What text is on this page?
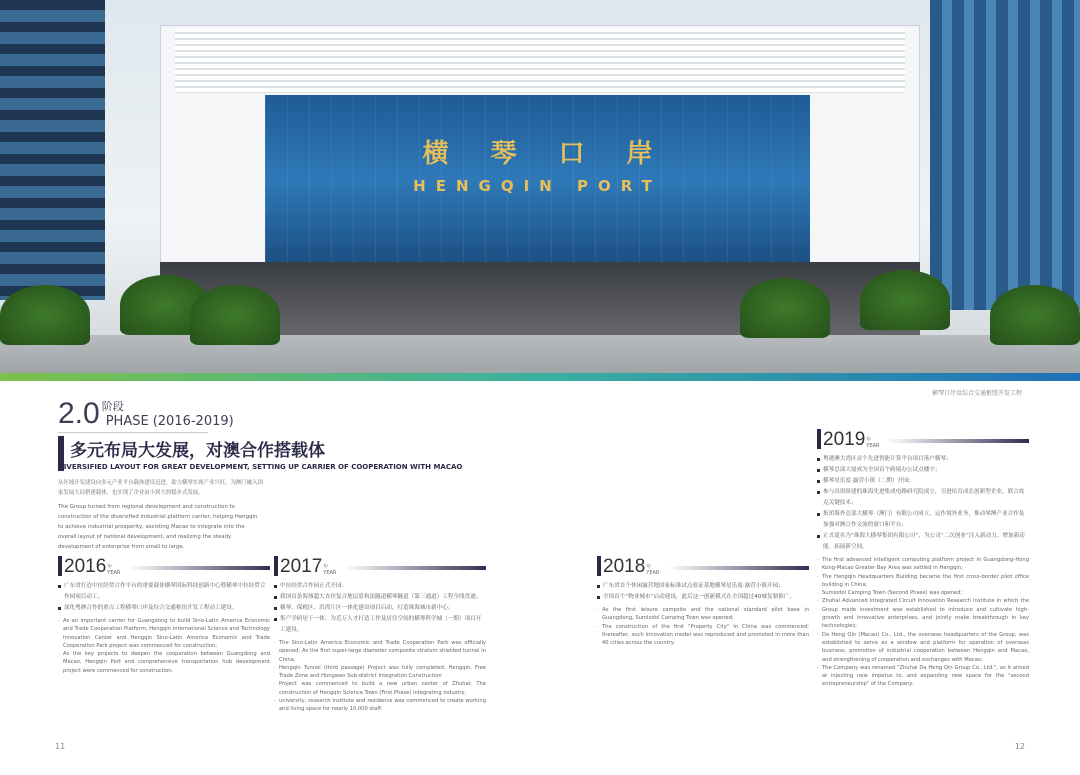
横琴口岸
HENGQIN PORT
横琴口岸及综合交通枢纽开发工程
2.0 阶段
PHASE (2016-2019)
多元布局大发展，对澳合作搭载体
DIVERSIFIED LAYOUT FOR GREAT DEVELOPMENT, SETTING UP CARRIER OF COOPERATION WITH MACAO

从区域开发建设向多元产业平台载体建设迈进，助力横琴实现产业兴旺，为澳门融入国家发展大局搭建载体，也实现了企业由小到大的稳步式发展。

The Group turned from regional development and construction to construction of the diversified industrial platform carrier, helping Hengqin to achieve industrial prosperity, assisting Macao to integrate into the overall layout of national development, and realizing the steady development of enterprise from small to large.

2016 年
YEAR
广东省打造中拉经贸合作平台的重要载体横琴国际科技创新中心暨横琴中拉经贸合作园项目动工；
深化粤澳合作的重点工程横琴口岸及综合交通枢纽开发工程动工建设。
· As an important carrier for Guangdong to build Sino-Latin America Economic and Trade Cooperation Platform, Hengqin International Science and Technology Innovation Center and Hengqin Sino-Latin America Economic and Trade Cooperation Park project was commenced for construction;
· As the key projects to deepen the cooperation between Guangdong and Macao, Hengqin Port and comprehensive transportation hub development project were commenced for construction.
2017 年
YEAR
中拉经贸合作园正式开园；
我国首条海域超大直径复合地层盾构法隧道横琴隧道（第三通道）工程全线贯通；
横琴、保税区、洪湾片区一体化建设项目启动，打造珠海城市新中心；
集产学研居于一体、为近万人才打造工作及居住空间的横琴科学城（一期）项目开工建设。
· The Sino-Latin America Economic and Trade Cooperation Park was officially opened; As the first super-large diameter composite stratum shielded tunnel in China,
· Hengqin Tunnel (third passage) Project was fully completed; Hengqin, Free Trade Zone and Hongwan Sub-district Integration Construction
· Project was commenced to build a new urban center of Zhuhai; The construction of Hengqin Science Town (First Phase) integrating industry,
· university, research institute and residence was commenced to create working and living space for nearly 10,000 staff.
2018 年
YEAR
广东省首个休闲露营地国家标准试点验证基地横琴星乐度·露营小镇开园；
全国首个“物业城市”启动建设，此后这一创新模式在全国超过40城复制推广。
· As the first leisure campsite and the national standard pilot base in Guangdong, Sumlodol Camping Town was opened;
· The construction of the first "Property City" in China was commenced; thereafter, such innovation model was reproduced and promoted in more than 40 cities across the country.
2019 年
YEAR
粤港澳大湾区首个先进智能计算平台项目落户横琴；
横琴总部大厦成为全国首个跨境办公试点楼宇；
横琴星乐度·露营小镇（二期）开园；
参与出资组建的珠海先进集成电路研究院成立，引进培育成长创新型企业，联合攻克关键技术；
集团海外总部大横琴（澳门）有限公司成立，运作境外业务，推动琴澳产业合作及加强对澳合作交流的窗口和平台；
正式更名为“珠海大横琴集团有限公司”，为公司“二次创业”注入新动力、增加新动能、拓展新空间。
· The first advanced intelligent computing platform project in Guangdong-Hong Kong-Macao Greater Bay Area was settled in Hengqin;
· The Hengqin Headquarters Building became the first cross-border pilot office building in China;
· Sumlodol Camping Town (Second Phase) was opened;
· Zhuhai Advanced Integrated Circuit Innovation Research Institute in which the Group made investment was established to introduce and cultivate high-growth and innovative enterprises, and jointly make breakthrough in key technologies;
· Da Heng Qin (Macao) Co., Ltd., the overseas headquarters of the Group, was established to serve as a window and platform for operation of overseas business, promotion of industrial cooperation between Hengqin and Macao, and strengthening of cooperation and exchanges with Macao;
· The Company was renamed "Zhuhai Da Heng Qin Group Co., Ltd.", as it aimed at injecting new impetus to, and expanding new space for the "second entrepreneurship" of the Company.
11	12
